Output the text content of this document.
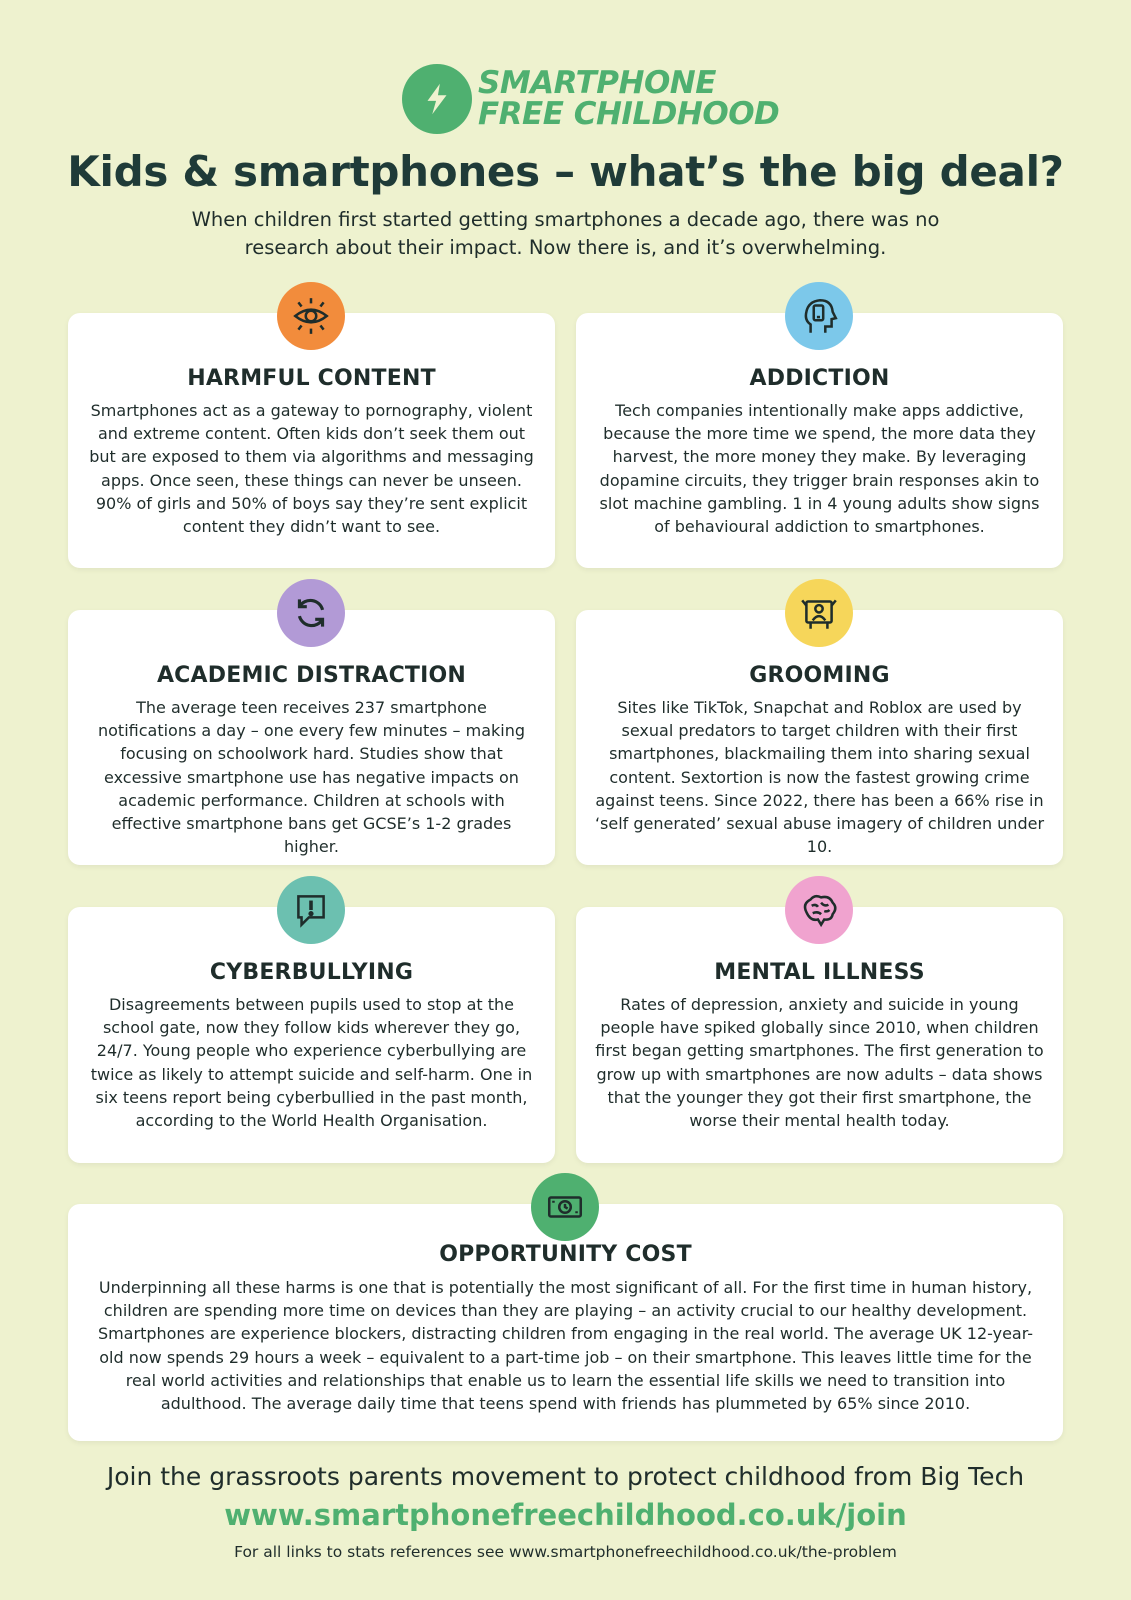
SMARTPHONE
FREE CHILDHOOD
Kids & smartphones – what’s the big deal?
When children first started getting smartphones a decade ago, there was no research about their impact. Now there is, and it’s overwhelming.
HARMFUL CONTENT
Smartphones act as a gateway to pornography, violent and extreme content. Often kids don’t seek them out but are exposed to them via algorithms and messaging apps. Once seen, these things can never be unseen. 90% of girls and 50% of boys say they’re sent explicit content they didn’t want to see.
ADDICTION
Tech companies intentionally make apps addictive, because the more time we spend, the more data they harvest, the more money they make. By leveraging dopamine circuits, they trigger brain responses akin to slot machine gambling. 1 in 4 young adults show signs of behavioural addiction to smartphones.
ACADEMIC DISTRACTION
The average teen receives 237 smartphone notifications a day – one every few minutes – making focusing on schoolwork hard. Studies show that excessive smartphone use has negative impacts on academic performance. Children at schools with effective smartphone bans get GCSE’s 1-2 grades higher.
GROOMING
Sites like TikTok, Snapchat and Roblox are used by sexual predators to target children with their first smartphones, blackmailing them into sharing sexual content. Sextortion is now the fastest growing crime against teens. Since 2022, there has been a 66% rise in ‘self generated’ sexual abuse imagery of children under 10.
CYBERBULLYING
Disagreements between pupils used to stop at the school gate, now they follow kids wherever they go, 24/7. Young people who experience cyberbullying are twice as likely to attempt suicide and self-harm. One in six teens report being cyberbullied in the past month, according to the World Health Organisation.
MENTAL ILLNESS
Rates of depression, anxiety and suicide in young people have spiked globally since 2010, when children first began getting smartphones. The first generation to grow up with smartphones are now adults – data shows that the younger they got their first smartphone, the worse their mental health today.
OPPORTUNITY COST
Underpinning all these harms is one that is potentially the most significant of all. For the first time in human history, children are spending more time on devices than they are playing – an activity crucial to our healthy development. Smartphones are experience blockers, distracting children from engaging in the real world. The average UK 12-year-old now spends 29 hours a week – equivalent to a part-time job – on their smartphone. This leaves little time for the real world activities and relationships that enable us to learn the essential life skills we need to transition into adulthood. The average daily time that teens spend with friends has plummeted by 65% since 2010.
Join the grassroots parents movement to protect childhood from Big Tech
www.smartphonefreechildhood.co.uk/join
For all links to stats references see www.smartphonefreechildhood.co.uk/the-problem
